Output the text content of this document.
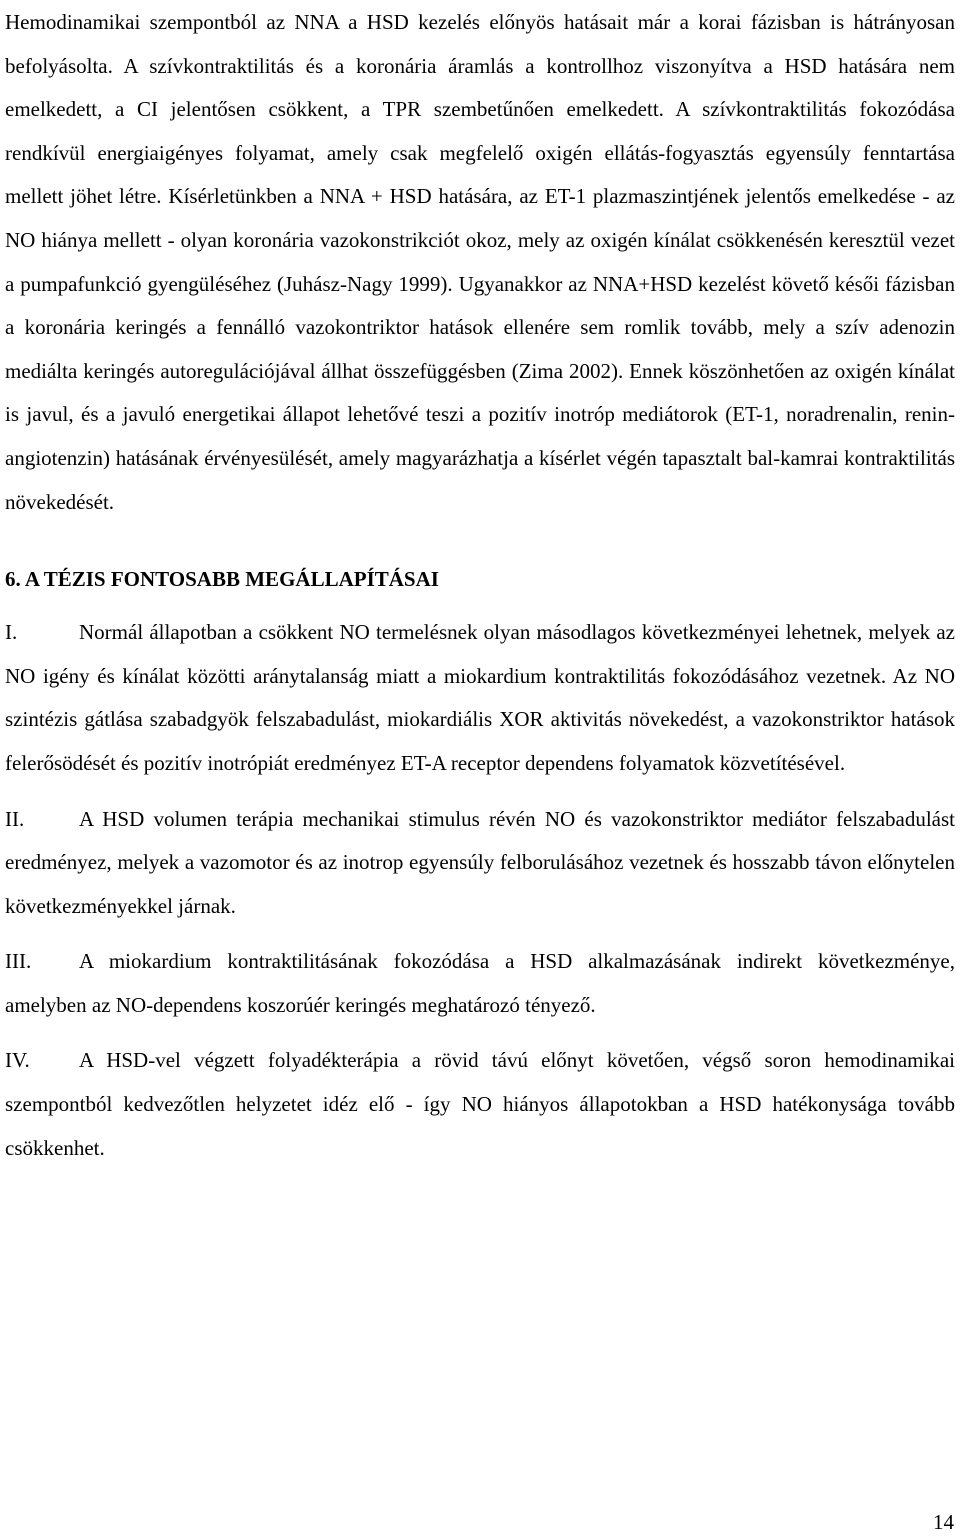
Hemodinamikai szempontból az NNA a HSD kezelés előnyös hatásait már a korai fázisban is hátrányosan befolyásolta. A szívkontraktilitás és a koronária áramlás a kontrollhoz viszonyítva a HSD hatására nem emelkedett, a CI jelentősen csökkent, a TPR szembetűnően emelkedett. A szívkontraktilitás fokozódása rendkívül energiaigényes folyamat, amely csak megfelelő oxigén ellátás-fogyasztás egyensúly fenntartása mellett jöhet létre. Kísérletünkben a NNA + HSD hatására, az ET-1 plazmaszintjének jelentős emelkedése - az NO hiánya mellett - olyan koronária vazokonstrikciót okoz, mely az oxigén kínálat csökkenésén keresztül vezet a pumpafunkció gyengüléséhez (Juhász-Nagy 1999). Ugyanakkor az NNA+HSD kezelést követő késői fázisban a koronária keringés a fennálló vazokontriktor hatások ellenére sem romlik tovább, mely a szív adenozin mediálta keringés autoregulációjával állhat összefüggésben (Zima 2002). Ennek köszönhetően az oxigén kínálat is javul, és a javuló energetikai állapot lehetővé teszi a pozitív inotróp mediátorok (ET-1, noradrenalin, renin-angiotenzin) hatásának érvényesülését, amely magyarázhatja a kísérlet végén tapasztalt bal-kamrai kontraktilitás növekedését.

6. A TÉZIS FONTOSABB MEGÁLLAPÍTÁSAI

I.	Normál állapotban a csökkent NO termelésnek olyan másodlagos következményei lehetnek, melyek az NO igény és kínálat közötti aránytalanság miatt a miokardium kontraktilitás fokozódásához vezetnek. Az NO szintézis gátlása szabadgyök felszabadulást, miokardiális XOR aktivitás növekedést, a vazokonstriktor hatások felerősödését és pozitív inotrópiát eredményez ET-A receptor dependens folyamatok közvetítésével.

II.	A HSD volumen terápia mechanikai stimulus révén NO és vazokonstriktor mediátor felszabadulást eredményez, melyek a vazomotor és az inotrop egyensúly felborulásához vezetnek és hosszabb távon előnytelen következményekkel járnak.

III. A miokardium kontraktilitásának fokozódása a HSD alkalmazásának indirekt következménye, amelyben az NO-dependens koszorúér keringés meghatározó tényező.

IV. A HSD-vel végzett folyadékterápia a rövid távú előnyt követően, végső soron hemodinamikai szempontból kedvezőtlen helyzetet idéz elő - így NO hiányos állapotokban a HSD hatékonysága tovább csökkenhet.

14
